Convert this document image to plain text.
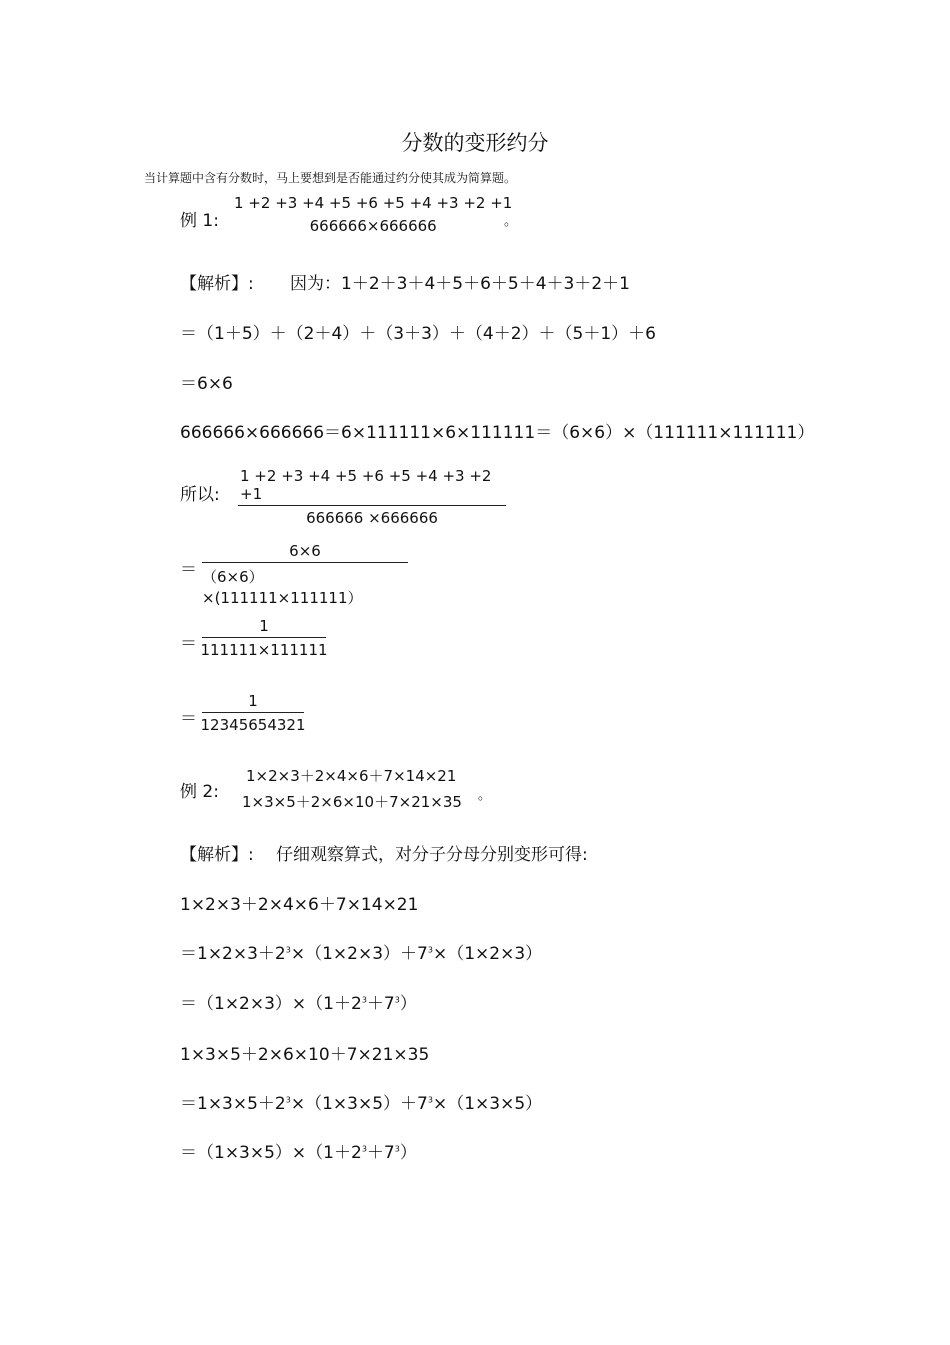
分数的变形约分
当计算题中含有分数时，马上要想到是否能通过约分使其成为简算题。
例 1:
1 +2 +3 +4 +5 +6 +5 +4 +3 +2 +1
666666×666666	。
【解析】: 因为：1＋2＋3＋4＋5＋6＋5＋4＋3＋2＋1
＝（1＋5）＋（2＋4）＋（3＋3）＋（4＋2）＋（5＋1）＋6
＝6×6
666666×666666＝6×111111×6×111111＝（6×6）×（111111×111111）
所以:
1 +2 +3 +4 +5 +6 +5 +4 +3 +2 +1
666666 ×666666
＝
6×6
（6×6）×(111111×111111）
＝
1
111111×111111
＝
1
12345654321
例 2:
1×2×3＋2×4×6＋7×14×21
1×3×5＋2×6×10＋7×21×35 。
【解析】: 仔细观察算式，对分子分母分别变形可得:
1×2×3＋2×4×6＋7×14×21
$=1\times 2\times 3+2^3\times(1\times 2\times 3)+7^3\times(1\times 2\times 3)$
$=(1\times 2\times 3)\times(1+2^3+7^3)$
1×3×5＋2×6×10＋7×21×35
$=1\times 3\times 5+2^3\times(1\times 3\times 5)+7^3\times(1\times 3\times 5)$
$=(1\times 3\times 5)\times(1+2^3+7^3)$
